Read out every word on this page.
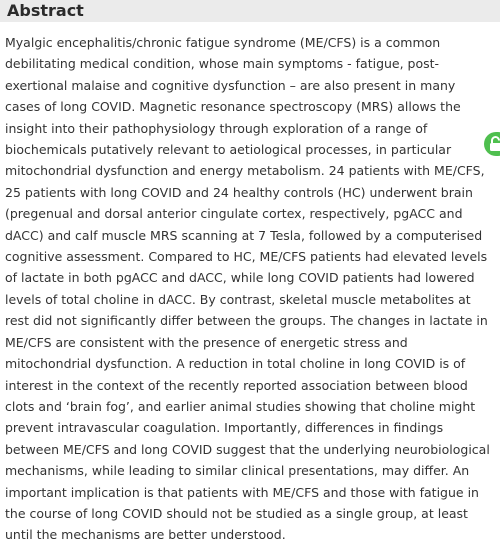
Abstract

Myalgic encephalitis/chronic fatigue syndrome (ME/CFS) is a common debilitating medical condition, whose main symptoms - fatigue, post-exertional malaise and cognitive dysfunction – are also present in many cases of long COVID. Magnetic resonance spectroscopy (MRS) allows the insight into their pathophysiology through exploration of a range of biochemicals putatively relevant to aetiological processes, in particular mitochondrial dysfunction and energy metabolism. 24 patients with ME/CFS, 25 patients with long COVID and 24 healthy controls (HC) underwent brain (pregenual and dorsal anterior cingulate cortex, respectively, pgACC and dACC) and calf muscle MRS scanning at 7 Tesla, followed by a computerised cognitive assessment. Compared to HC, ME/CFS patients had elevated levels of lactate in both pgACC and dACC, while long COVID patients had lowered levels of total choline in dACC. By contrast, skeletal muscle metabolites at rest did not significantly differ between the groups. The changes in lactate in ME/CFS are consistent with the presence of energetic stress and mitochondrial dysfunction. A reduction in total choline in long COVID is of interest in the context of the recently reported association between blood clots and ‘brain fog’, and earlier animal studies showing that choline might prevent intravascular coagulation. Importantly, differences in findings between ME/CFS and long COVID suggest that the underlying neurobiological mechanisms, while leading to similar clinical presentations, may differ. An important implication is that patients with ME/CFS and those with fatigue in the course of long COVID should not be studied as a single group, at least until the mechanisms are better understood.
